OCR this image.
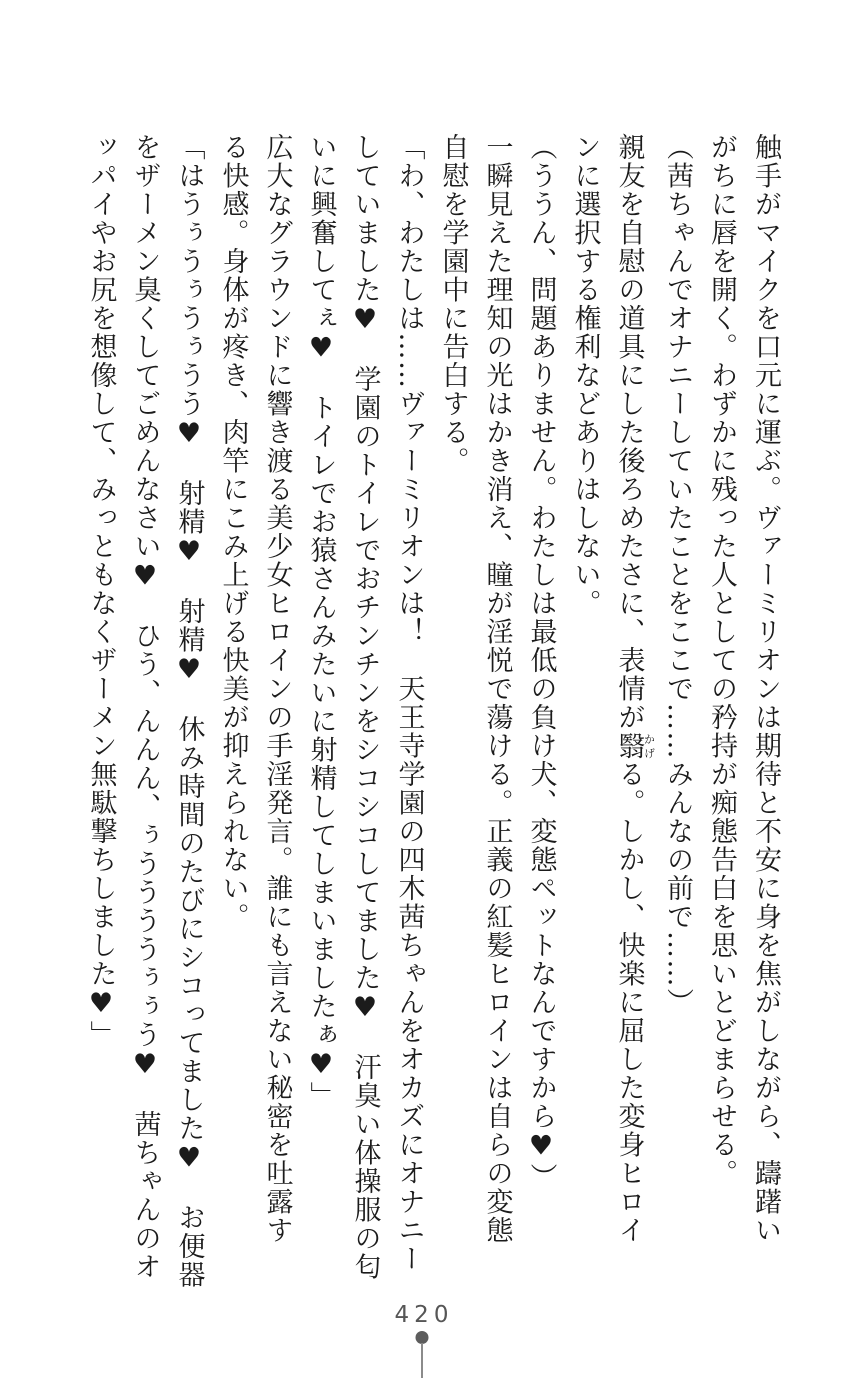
触手がマイクを口元に運ぶ。ヴァーミリオンは期待と不安に身を焦がしながら、躊躇い

がちに唇を開く。わずかに残った人としての矜持が痴態告白を思いとどまらせる。

（茜ちゃんでオナニーしていたことをここで……みんなの前で……）

親友を自慰の道具にした後ろめたさに、表情が翳かげる。しかし、快楽に屈した変身ヒロイ

ンに選択する権利などありはしない。

（ううん、問題ありません。わたしは最低の負け犬、変態ペットなんですから♥）

一瞬見えた理知の光はかき消え、瞳が淫悦で蕩ける。正義の紅髪ヒロインは自らの変態

自慰を学園中に告白する。

「わ、わたしは……ヴァーミリオンは！　天王寺学園の四木茜ちゃんをオカズにオナニー

していました♥　学園のトイレでおチンチンをシコシコしてました♥　汗臭い体操服の匂

いに興奮してぇ♥　トイレでお猿さんみたいに射精してしまいましたぁ♥」

広大なグラウンドに響き渡る美少女ヒロインの手淫発言。誰にも言えない秘密を吐露す

る快感。身体が疼き、肉竿にこみ上げる快美が抑えられない。

「はうぅうぅうぅうう♥　射精♥　射精♥　休み時間のたびにシコってました♥　お便器

をザーメン臭くしてごめんなさい♥　ひう、んんん、ぅううううぅぅう♥　茜ちゃんのオ

ッパイやお尻を想像して、みっともなくザーメン無駄撃ちしました♥」

420
